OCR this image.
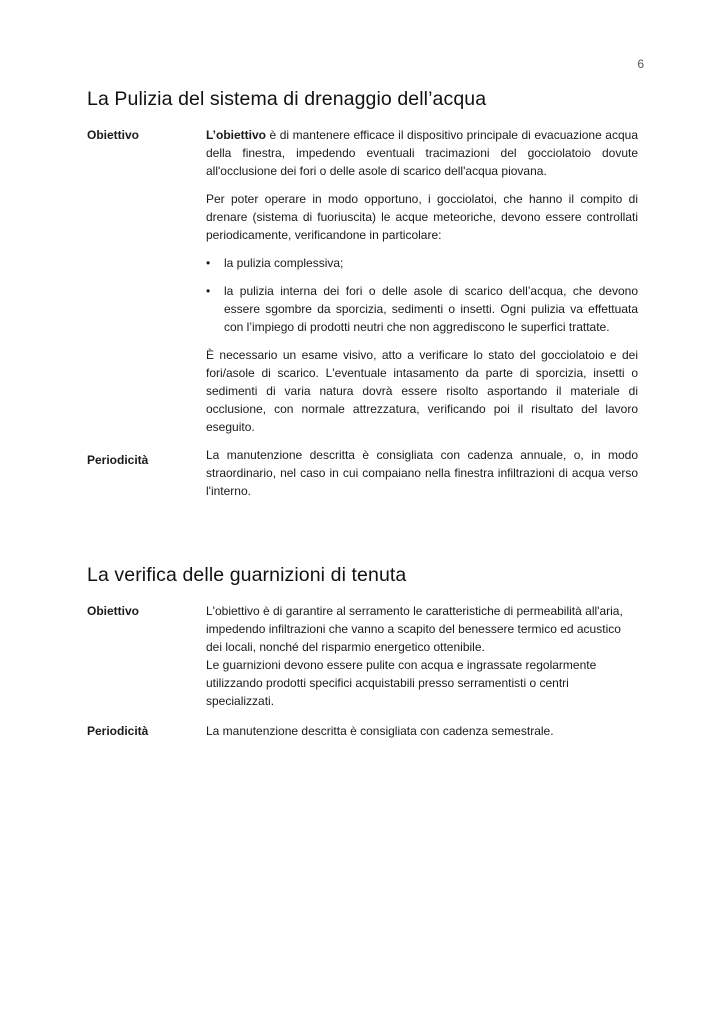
6
La Pulizia del sistema di drenaggio dell’acqua
Obiettivo	L’obiettivo è di mantenere efficace il dispositivo principale di evacuazione acqua della finestra, impedendo eventuali tracimazioni del gocciolatoio dovute all'occlusione dei fori o delle asole di scarico dell'acqua piovana.

Per poter operare in modo opportuno, i gocciolatoi, che hanno il compito di drenare (sistema di fuoriuscita) le acque meteoriche, devono essere controllati periodicamente, verificandone in particolare:

• la pulizia complessiva;
• la pulizia interna dei fori o delle asole di scarico dell’acqua, che devono essere sgombre da sporcizia, sedimenti o insetti. Ogni pulizia va effettuata con l’impiego di prodotti neutri che non aggrediscono le superfici trattate.

È necessario un esame visivo, atto a verificare lo stato del gocciolatoio e dei fori/asole di scarico. L'eventuale intasamento da parte di sporcizia, insetti o sedimenti di varia natura dovrà essere risolto asportando il materiale di occlusione, con normale attrezzatura, verificando poi il risultato del lavoro eseguito.

Periodicità	La manutenzione descritta è consigliata con cadenza annuale, o, in modo straordinario, nel caso in cui compaiano nella finestra infiltrazioni di acqua verso l'interno.

La verifica delle guarnizioni di tenuta
Obiettivo	L'obiettivo è di garantire al serramento le caratteristiche di permeabilità all'aria, impedendo infiltrazioni che vanno a scapito del benessere termico ed acustico dei locali, nonché del risparmio energetico ottenibile.

Le guarnizioni devono essere pulite con acqua e ingrassate regolarmente utilizzando prodotti specifici acquistabili presso serramentisti o centri specializzati.

Periodicità	La manutenzione descritta è consigliata con cadenza semestrale.
